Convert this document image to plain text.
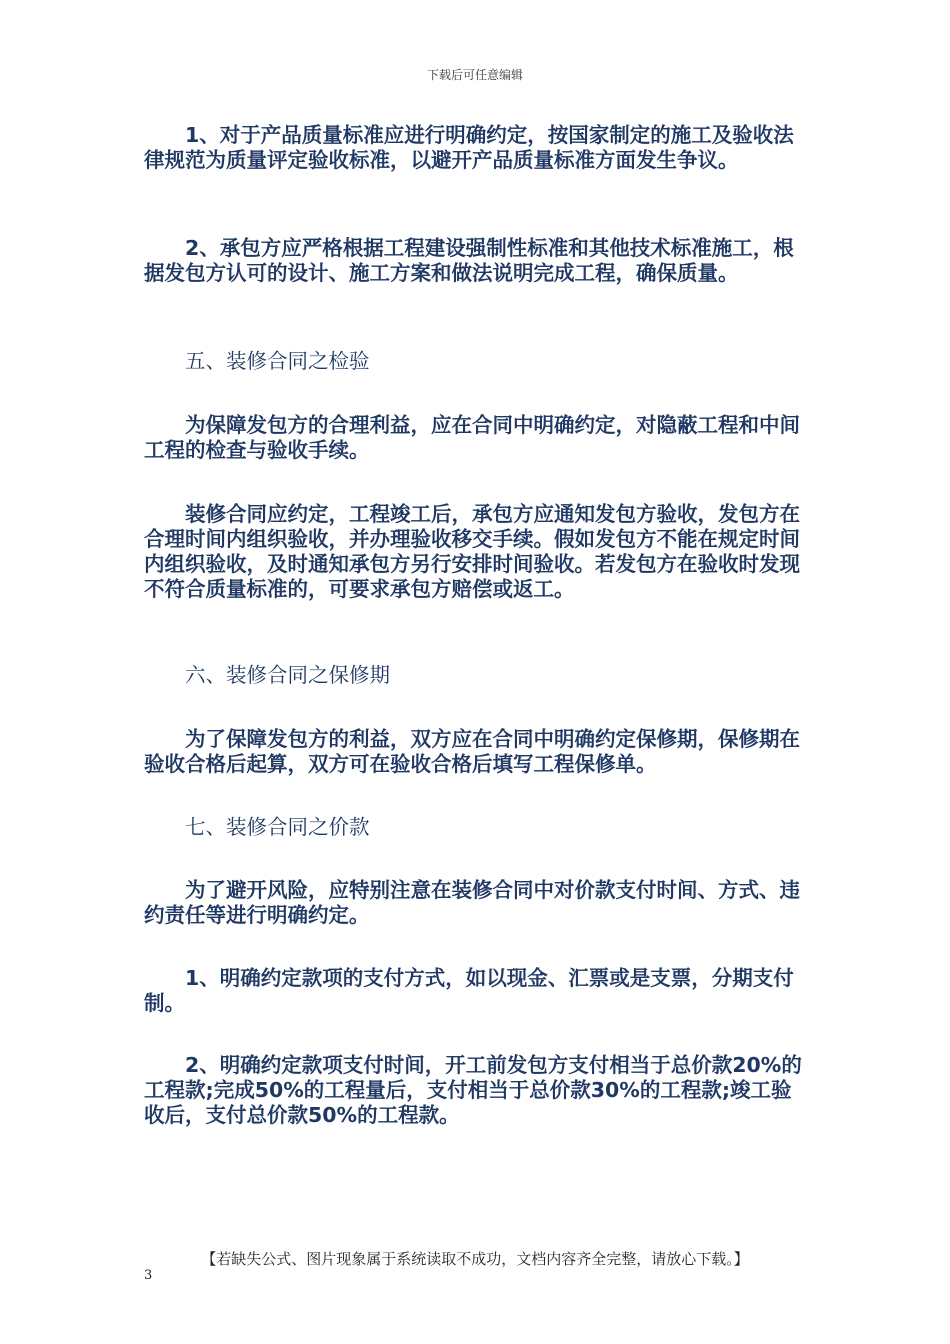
下载后可任意编辑

1、对于产品质量标准应进行明确约定，按国家制定的施工及验收法律规范为质量评定验收标准，以避开产品质量标准方面发生争议。

2、承包方应严格根据工程建设强制性标准和其他技术标准施工，根据发包方认可的设计、施工方案和做法说明完成工程，确保质量。

五、装修合同之检验

为保障发包方的合理利益，应在合同中明确约定，对隐蔽工程和中间工程的检查与验收手续。

装修合同应约定，工程竣工后，承包方应通知发包方验收，发包方在合理时间内组织验收，并办理验收移交手续。假如发包方不能在规定时间内组织验收，及时通知承包方另行安排时间验收。若发包方在验收时发现不符合质量标准的，可要求承包方赔偿或返工。

六、装修合同之保修期

为了保障发包方的利益，双方应在合同中明确约定保修期，保修期在验收合格后起算，双方可在验收合格后填写工程保修单。

七、装修合同之价款

为了避开风险，应特别注意在装修合同中对价款支付时间、方式、违约责任等进行明确约定。

1、明确约定款项的支付方式，如以现金、汇票或是支票，分期支付制。

2、明确约定款项支付时间，开工前发包方支付相当于总价款20%的工程款;完成50%的工程量后，支付相当于总价款30%的工程款;竣工验收后，支付总价款50%的工程款。

【若缺失公式、图片现象属于系统读取不成功，文档内容齐全完整，请放心下载。】
3
